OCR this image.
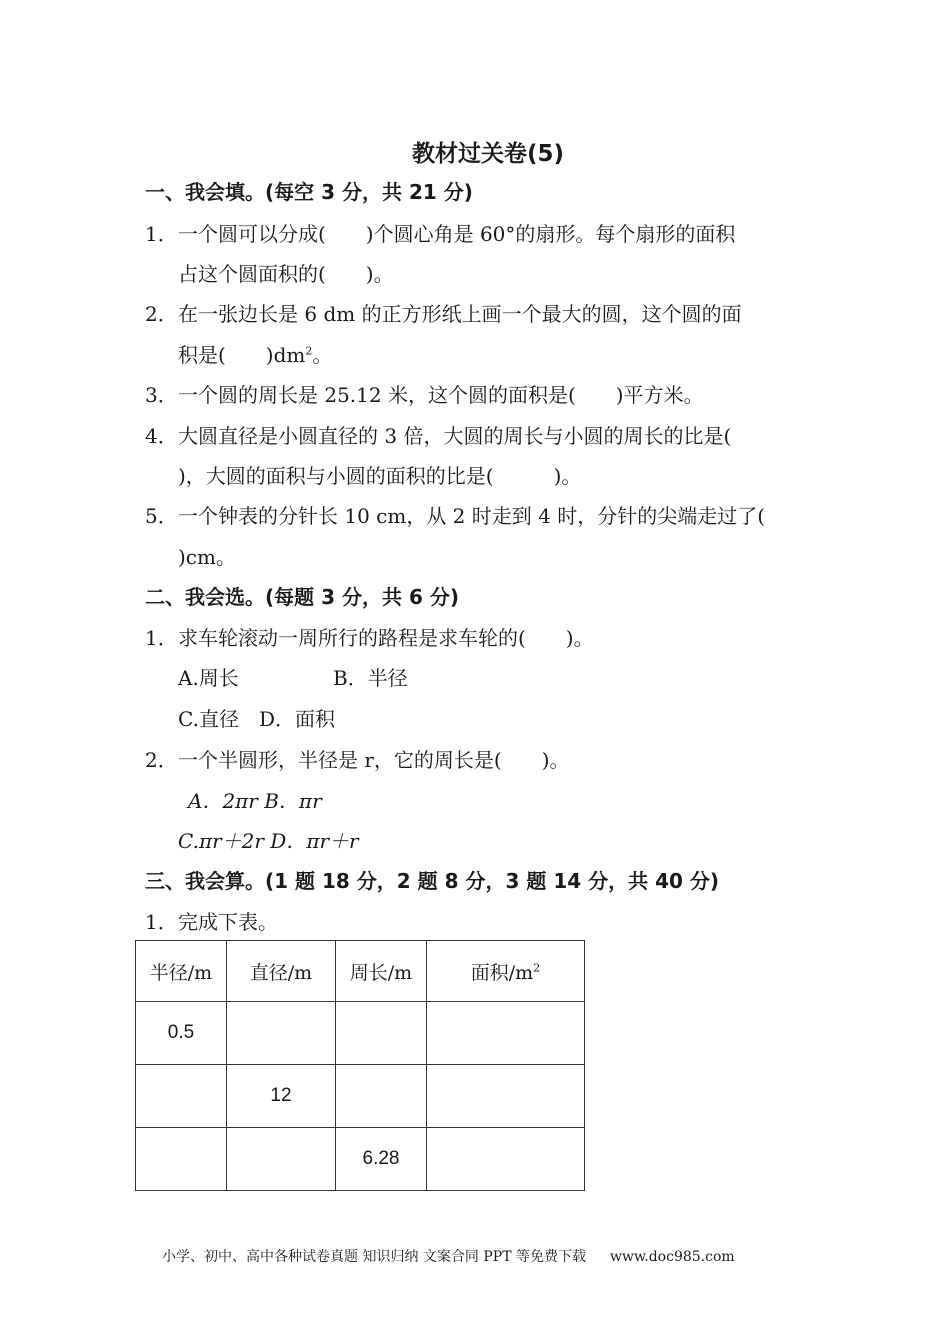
教材过关卷(5)
一、我会填。(每空 3 分，共 21 分)
1． 一个圆可以分成(　　)个圆心角是 60°的扇形。每个扇形的面积
占这个圆面积的(　　)。
2． 在一张边长是 6 dm 的正方形纸上画一个最大的圆，这个圆的面
积是(　　)$dm^2$。
3． 一个圆的周长是 25.12 米，这个圆的面积是(　　)平方米。
4． 大圆直径是小圆直径的 3 倍，大圆的周长与小圆的周长的比是(
)，大圆的面积与小圆的面积的比是(　　　)。
5． 一个钟表的分针长 10 cm，从 2 时走到 4 时，分针的尖端走过了(
)cm。
二、我会选。(每题 3 分，共 6 分)
1． 求车轮滚动一周所行的路程是求车轮的(　　)。
A.周长	B．半径
C.直径　D．面积
2． 一个半圆形，半径是 r，它的周长是(　　)。
A．2πr B．πr
C.πr＋2r D．πr＋r
三、我会算。(1 题 18 分，2 题 8 分，3 题 14 分，共 40 分)
1． 完成下表。
半径/m	直径/m	周长/m	面积$/m^2$
0.5			
	12		
		6.28	
小学、初中、高中各种试卷真题 知识归纳 文案合同 PPT 等免费下载 www.doc985.com
